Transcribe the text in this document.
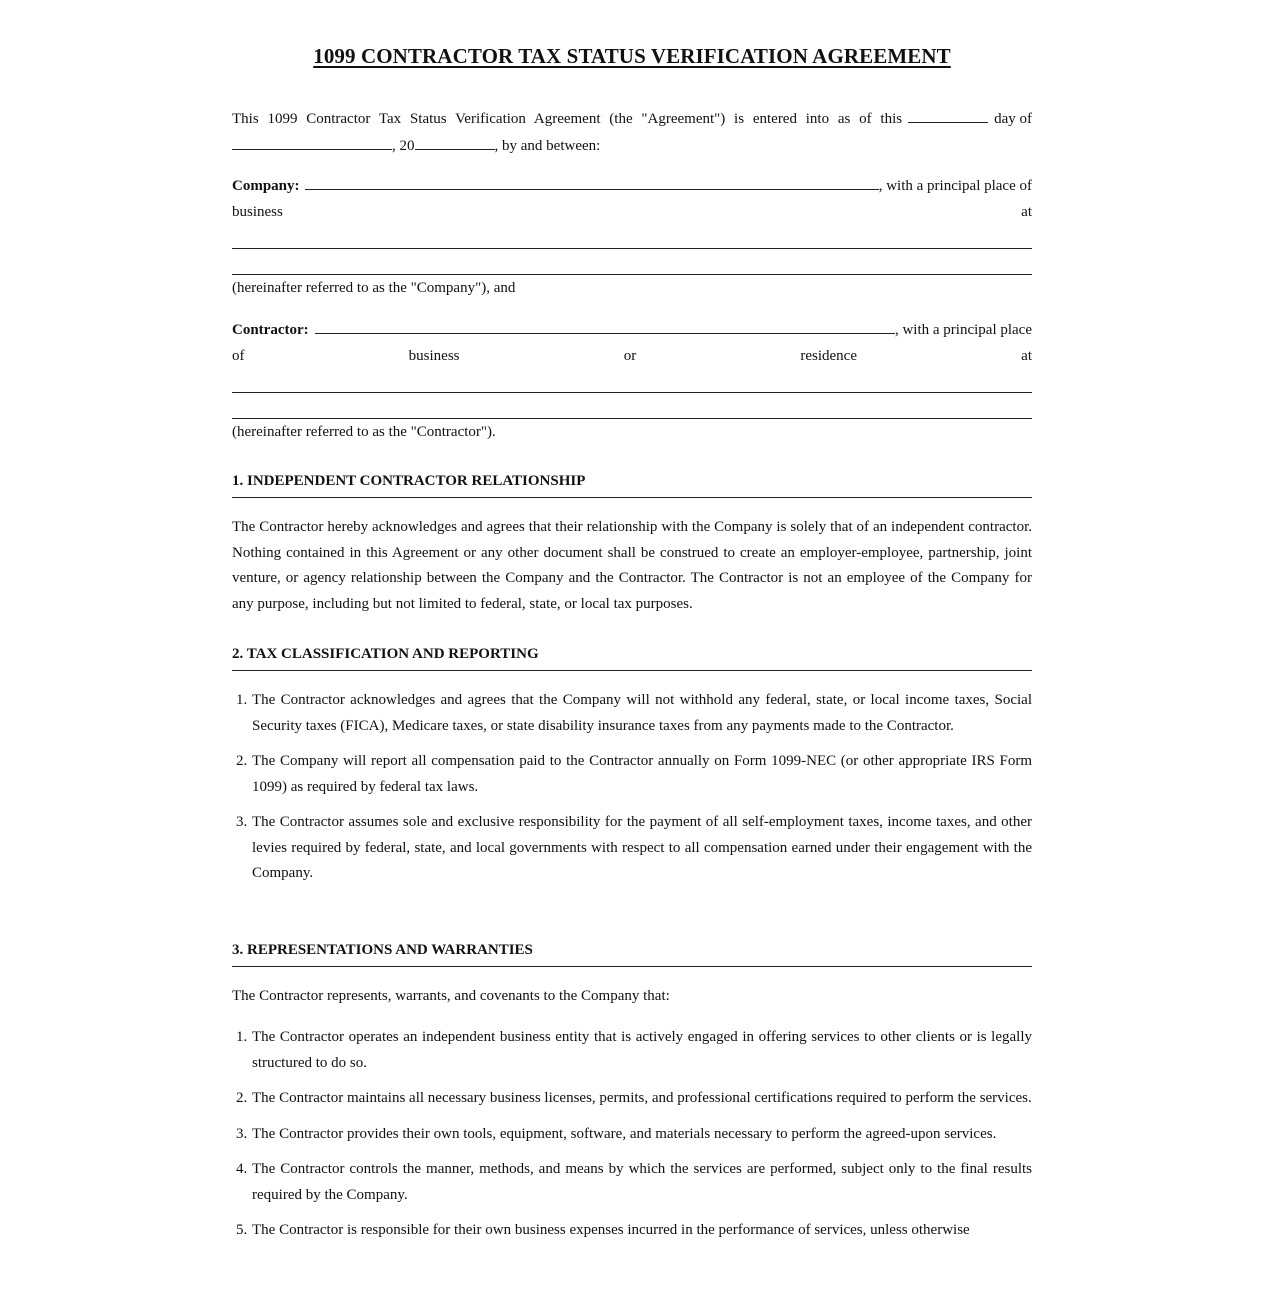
1099 CONTRACTOR TAX STATUS VERIFICATION AGREEMENT
This 1099 Contractor Tax Status Verification Agreement (the "Agreement") is entered into as of this	day of
, 20	, by and between:
Company:	, with a principal place of
business	at
(hereinafter referred to as the "Company"), and
Contractor:	, with a principal place
of	business	or	residence	at
(hereinafter referred to as the "Contractor").
1. INDEPENDENT CONTRACTOR RELATIONSHIP
The Contractor hereby acknowledges and agrees that their relationship with the Company is solely that of an independent contractor. Nothing contained in this Agreement or any other document shall be construed to create an employer-employee, partnership, joint venture, or agency relationship between the Company and the Contractor. The Contractor is not an employee of the Company for any purpose, including but not limited to federal, state, or local tax purposes.
2. TAX CLASSIFICATION AND REPORTING
1. The Contractor acknowledges and agrees that the Company will not withhold any federal, state, or local income taxes, Social Security taxes (FICA), Medicare taxes, or state disability insurance taxes from any payments made to the Contractor.
2. The Company will report all compensation paid to the Contractor annually on Form 1099-NEC (or other appropriate IRS Form 1099) as required by federal tax laws.
3. The Contractor assumes sole and exclusive responsibility for the payment of all self-employment taxes, income taxes, and other levies required by federal, state, and local governments with respect to all compensation earned under their engagement with the Company.
3. REPRESENTATIONS AND WARRANTIES
The Contractor represents, warrants, and covenants to the Company that:
1. The Contractor operates an independent business entity that is actively engaged in offering services to other clients or is legally structured to do so.
2. The Contractor maintains all necessary business licenses, permits, and professional certifications required to perform the services.
3. The Contractor provides their own tools, equipment, software, and materials necessary to perform the agreed-upon services.
4. The Contractor controls the manner, methods, and means by which the services are performed, subject only to the final results required by the Company.
5. The Contractor is responsible for their own business expenses incurred in the performance of services, unless otherwise
